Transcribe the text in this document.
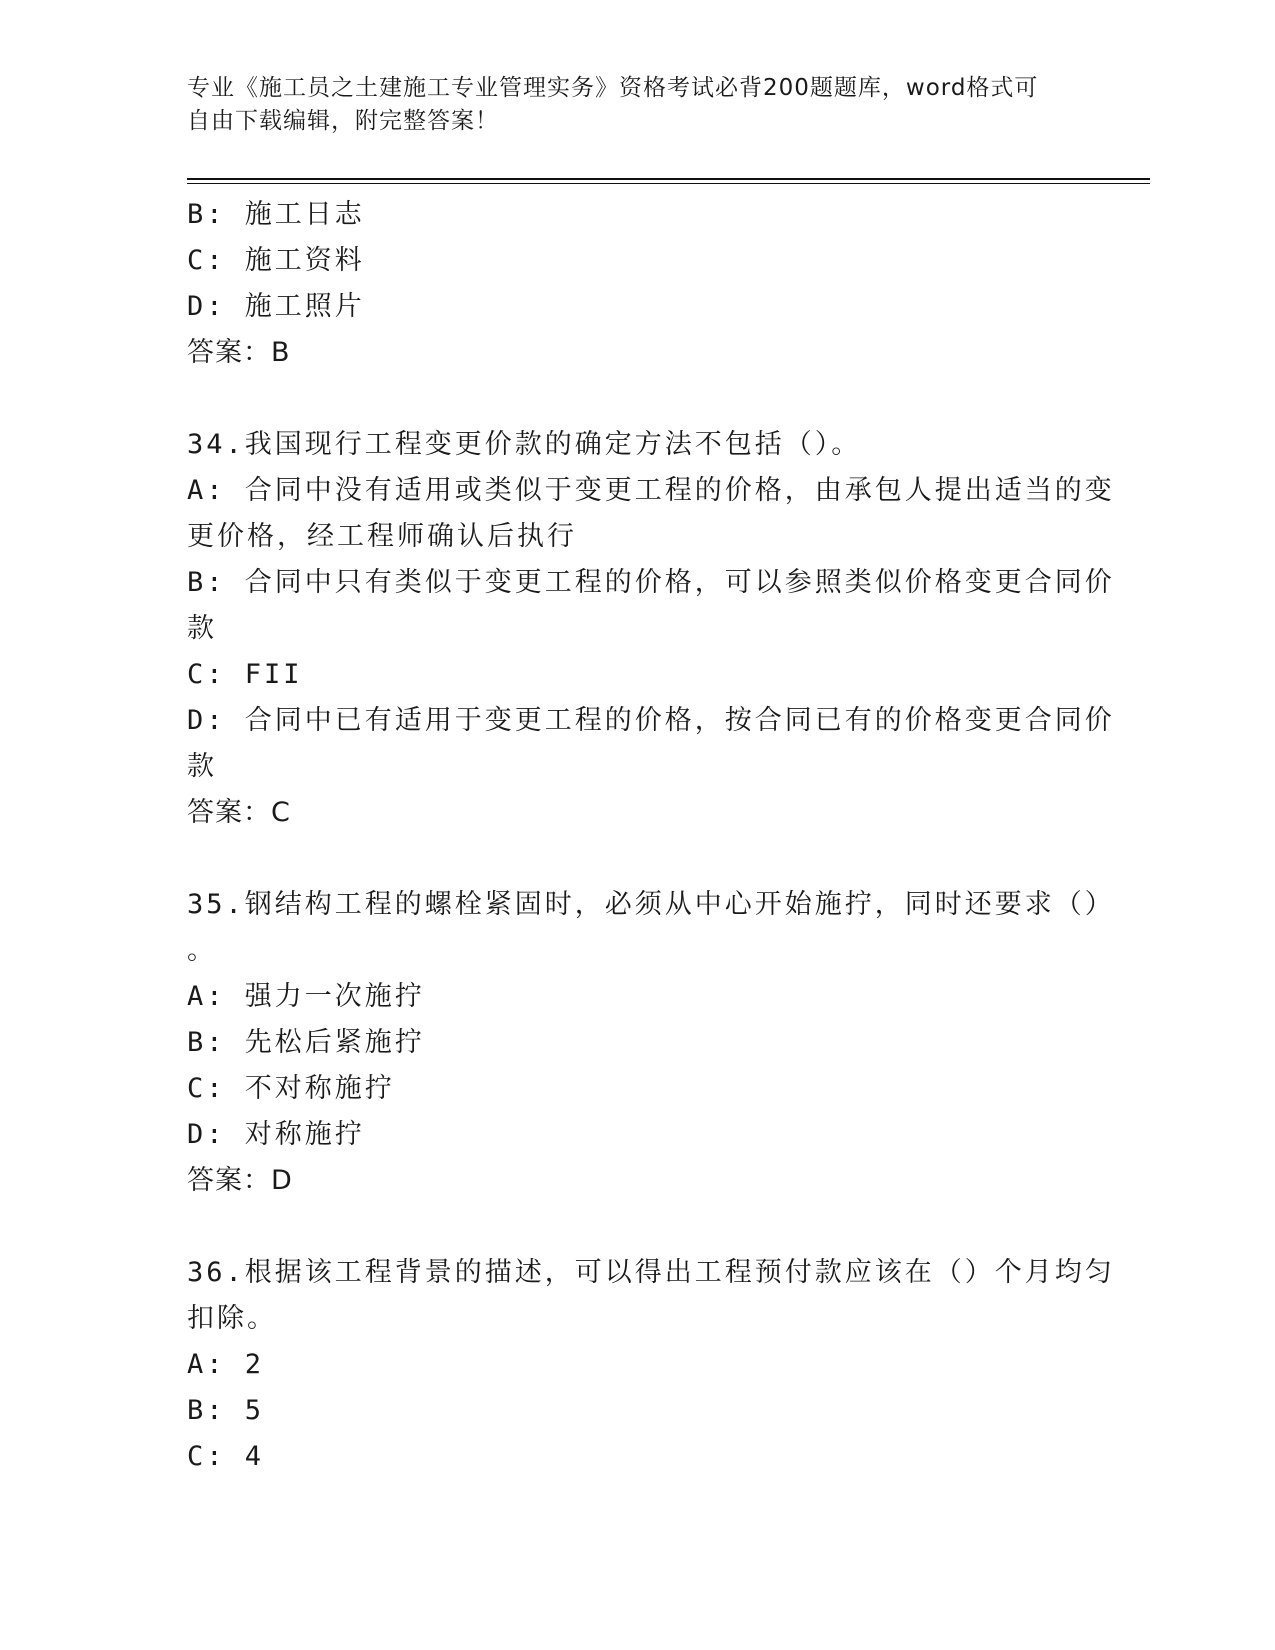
专业《施工员之土建施工专业管理实务》资格考试必背200题题库，word格式可
自由下载编辑，附完整答案！
B: 施工日志
C: 施工资料
D: 施工照片
答案：B
34.我国现行工程变更价款的确定方法不包括（）。
A: 合同中没有适用或类似于变更工程的价格，由承包人提出适当的变
更价格，经工程师确认后执行
B: 合同中只有类似于变更工程的价格，可以参照类似价格变更合同价
款
C: FII
D: 合同中已有适用于变更工程的价格，按合同已有的价格变更合同价
款
答案：C
35.钢结构工程的螺栓紧固时，必须从中心开始施拧，同时还要求（）
。
A: 强力一次施拧
B: 先松后紧施拧
C: 不对称施拧
D: 对称施拧
答案：D
36.根据该工程背景的描述，可以得出工程预付款应该在（）个月均匀
扣除。
A: 2
B: 5
C: 4
